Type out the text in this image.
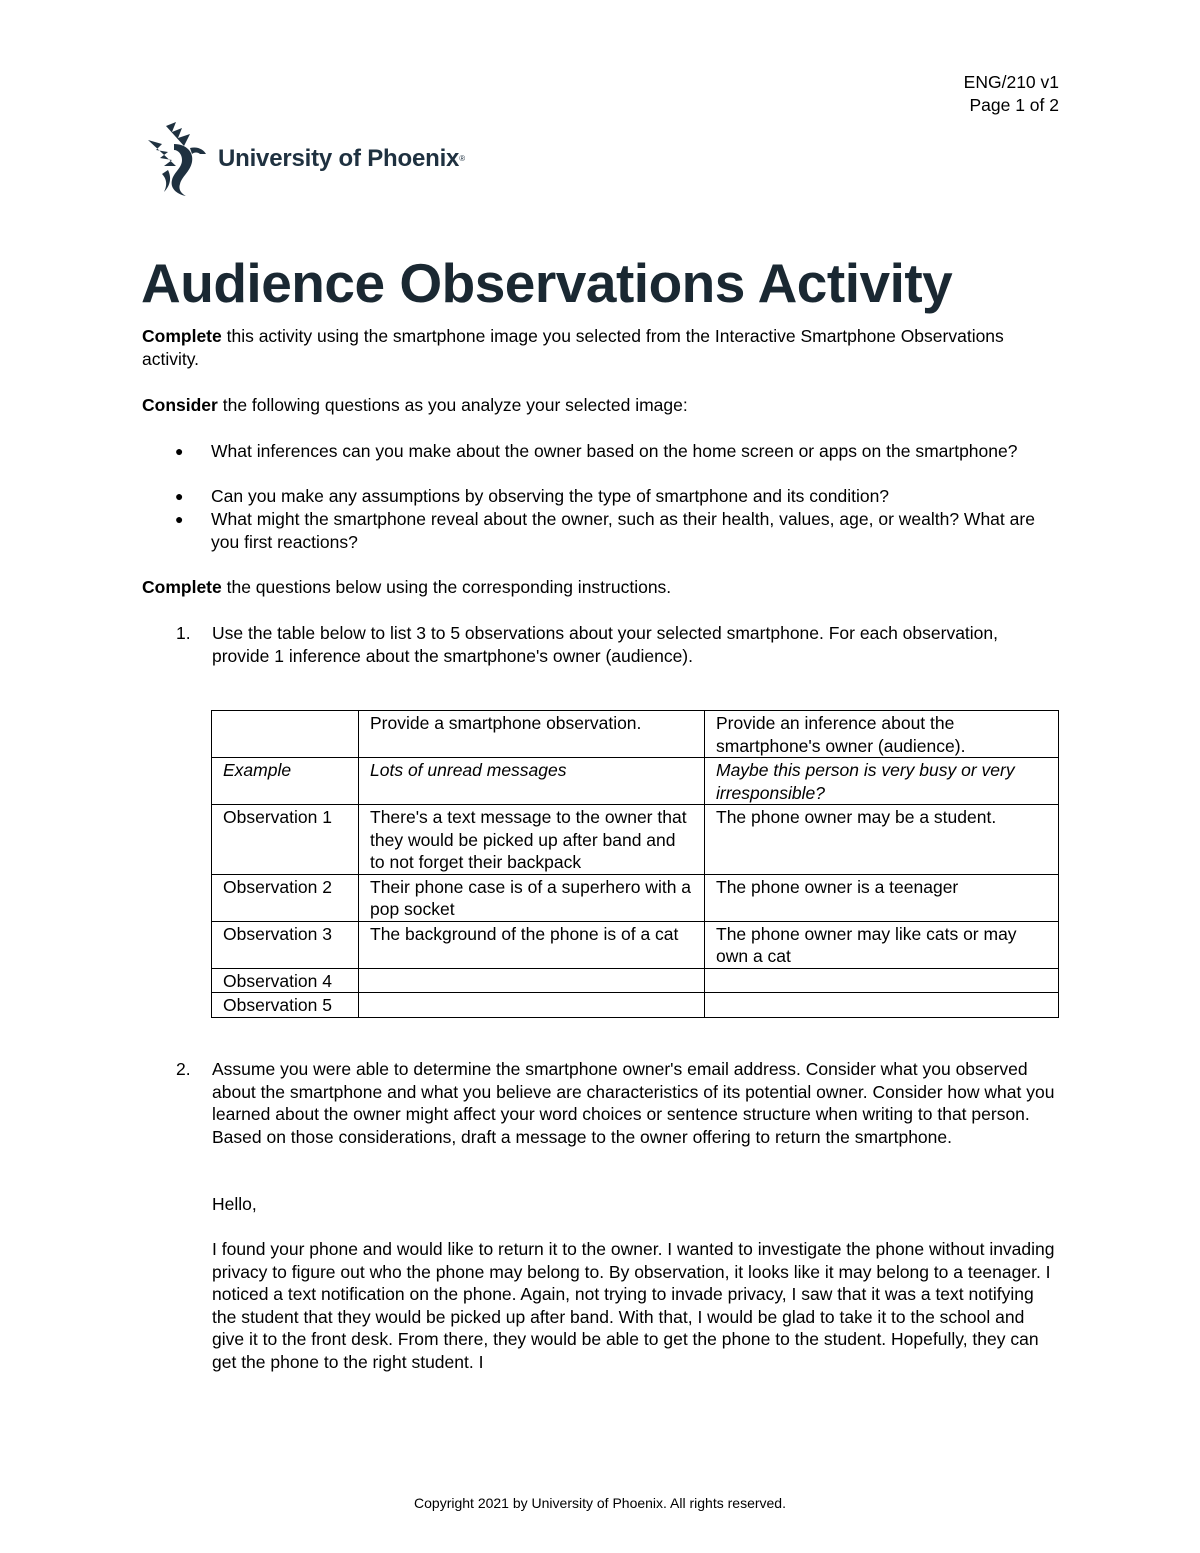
ENG/210 v1
Page 1 of 2
University of Phoenix ®
Audience Observations Activity

Complete this activity using the smartphone image you selected from the Interactive Smartphone Observations activity.

Consider the following questions as you analyze your selected image:

●	What inferences can you make about the owner based on the home screen or apps on the smartphone?
●	Can you make any assumptions by observing the type of smartphone and its condition?
●	What might the smartphone reveal about the owner, such as their health, values, age, or wealth? What are you first reactions?

Complete the questions below using the corresponding instructions.

1.	Use the table below to list 3 to 5 observations about your selected smartphone. For each observation, provide 1 inference about the smartphone's owner (audience).
	Provide a smartphone observation.	Provide an inference about the smartphone's owner (audience).
Example	Lots of unread messages	Maybe this person is very busy or very irresponsible?
Observation 1	There's a text message to the owner that they would be picked up after band and to not forget their backpack	The phone owner may be a student.
Observation 2	Their phone case is of a superhero with a pop socket	The phone owner is a teenager
Observation 3	The background of the phone is of a cat	The phone owner may like cats or may own a cat
Observation 4		
Observation 5		
2.	Assume you were able to determine the smartphone owner's email address. Consider what you observed about the smartphone and what you believe are characteristics of its potential owner. Consider how what you learned about the owner might affect your word choices or sentence structure when writing to that person. Based on those considerations, draft a message to the owner offering to return the smartphone.

Hello,

I found your phone and would like to return it to the owner. I wanted to investigate the phone without invading privacy to figure out who the phone may belong to. By observation, it looks like it may belong to a teenager. I noticed a text notification on the phone. Again, not trying to invade privacy, I saw that it was a text notifying the student that they would be picked up after band. With that, I would be glad to take it to the school and give it to the front desk. From there, they would be able to get the phone to the student. Hopefully, they can get the phone to the right student. I

Copyright 2021 by University of Phoenix. All rights reserved.
